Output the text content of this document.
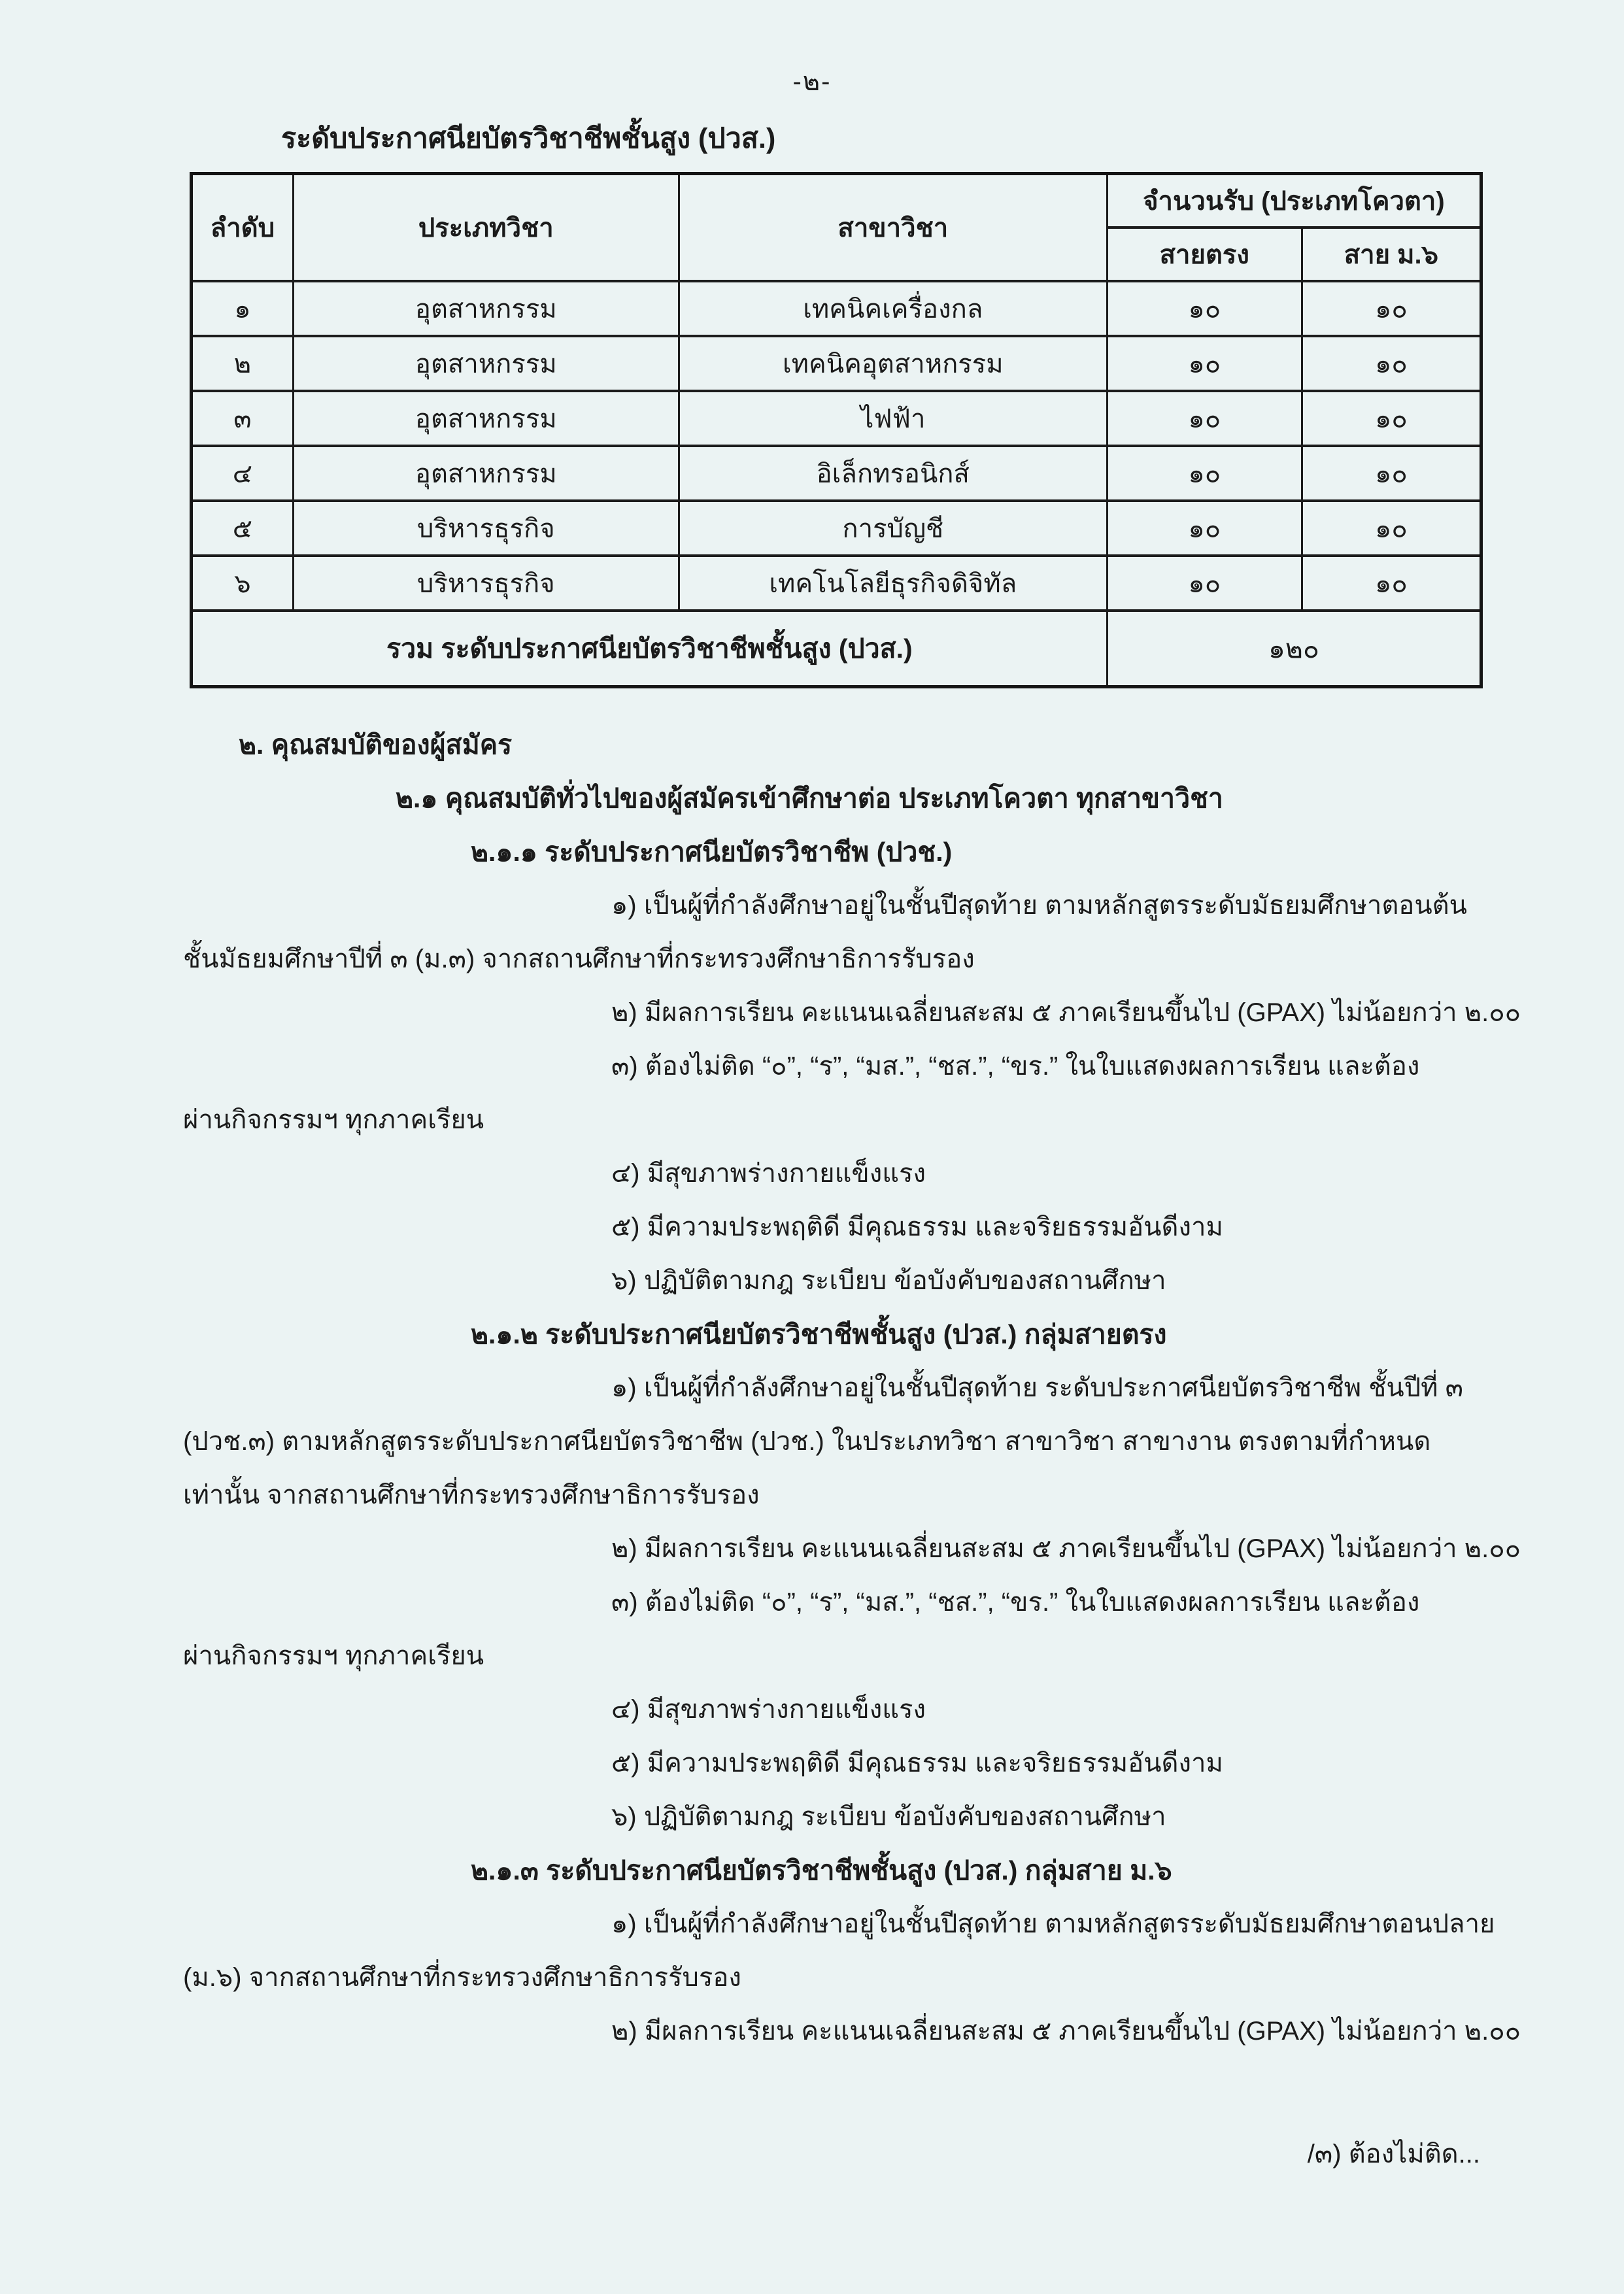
-๒-
ระดับประกาศนียบัตรวิชาชีพชั้นสูง (ปวส.)
ลำดับ	ประเภทวิชา	สาขาวิชา	จำนวนรับ (ประเภทโควตา)	
			สายตรง	สาย ม.๖
๑	อุตสาหกรรม	เทคนิคเครื่องกล	๑๐	๑๐
๒	อุตสาหกรรม	เทคนิคอุตสาหกรรม	๑๐	๑๐
๓	อุตสาหกรรม	ไฟฟ้า	๑๐	๑๐
๔	อุตสาหกรรม	อิเล็กทรอนิกส์	๑๐	๑๐
๕	บริหารธุรกิจ	การบัญชี	๑๐	๑๐
๖	บริหารธุรกิจ	เทคโนโลยีธุรกิจดิจิทัล	๑๐	๑๐
รวม ระดับประกาศนียบัตรวิชาชีพชั้นสูง (ปวส.)			๑๒๐	
๒. คุณสมบัติของผู้สมัคร
๒.๑ คุณสมบัติทั่วไปของผู้สมัครเข้าศึกษาต่อ ประเภทโควตา ทุกสาขาวิชา
๒.๑.๑ ระดับประกาศนียบัตรวิชาชีพ (ปวช.)
๑) เป็นผู้ที่กำลังศึกษาอยู่ในชั้นปีสุดท้าย ตามหลักสูตรระดับมัธยมศึกษาตอนต้น
ชั้นมัธยมศึกษาปีที่ ๓ (ม.๓) จากสถานศึกษาที่กระทรวงศึกษาธิการรับรอง
๒) มีผลการเรียน คะแนนเฉลี่ยนสะสม ๕ ภาคเรียนขึ้นไป (GPAX) ไม่น้อยกว่า ๒.๐๐
๓) ต้องไม่ติด “๐”, “ร”, “มส.”, “ชส.”, “ขร.” ในใบแสดงผลการเรียน และต้อง
ผ่านกิจกรรมฯ ทุกภาคเรียน
๔) มีสุขภาพร่างกายแข็งแรง
๕) มีความประพฤติดี มีคุณธรรม และจริยธรรมอันดีงาม
๖) ปฏิบัติตามกฎ ระเบียบ ข้อบังคับของสถานศึกษา
๒.๑.๒ ระดับประกาศนียบัตรวิชาชีพชั้นสูง (ปวส.) กลุ่มสายตรง
๑) เป็นผู้ที่กำลังศึกษาอยู่ในชั้นปีสุดท้าย ระดับประกาศนียบัตรวิชาชีพ ชั้นปีที่ ๓
(ปวช.๓) ตามหลักสูตรระดับประกาศนียบัตรวิชาชีพ (ปวช.) ในประเภทวิชา สาขาวิชา สาขางาน ตรงตามที่กำหนด
เท่านั้น จากสถานศึกษาที่กระทรวงศึกษาธิการรับรอง
๒) มีผลการเรียน คะแนนเฉลี่ยนสะสม ๕ ภาคเรียนขึ้นไป (GPAX) ไม่น้อยกว่า ๒.๐๐
๓) ต้องไม่ติด “๐”, “ร”, “มส.”, “ชส.”, “ขร.” ในใบแสดงผลการเรียน และต้อง
ผ่านกิจกรรมฯ ทุกภาคเรียน
๔) มีสุขภาพร่างกายแข็งแรง
๕) มีความประพฤติดี มีคุณธรรม และจริยธรรมอันดีงาม
๖) ปฏิบัติตามกฎ ระเบียบ ข้อบังคับของสถานศึกษา
๒.๑.๓ ระดับประกาศนียบัตรวิชาชีพชั้นสูง (ปวส.) กลุ่มสาย ม.๖
๑) เป็นผู้ที่กำลังศึกษาอยู่ในชั้นปีสุดท้าย ตามหลักสูตรระดับมัธยมศึกษาตอนปลาย
(ม.๖) จากสถานศึกษาที่กระทรวงศึกษาธิการรับรอง
๒) มีผลการเรียน คะแนนเฉลี่ยนสะสม ๕ ภาคเรียนขึ้นไป (GPAX) ไม่น้อยกว่า ๒.๐๐
/๓) ต้องไม่ติด...
